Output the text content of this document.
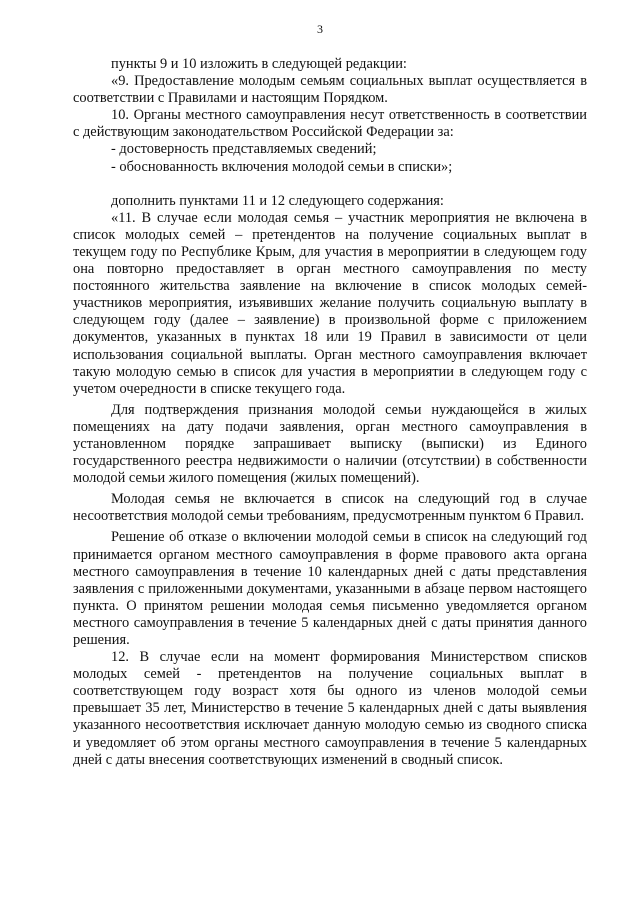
3

пункты 9 и 10 изложить в следующей редакции:

«9. Предоставление молодым семьям социальных выплат осуществляется в соответствии с Правилами и настоящим Порядком.

10. Органы местного самоуправления несут ответственность в соответствии с действующим законодательством Российской Федерации за:

- достоверность представляемых сведений;

- обоснованность включения молодой семьи в списки»;

дополнить пунктами 11 и 12 следующего содержания:

«11. В случае если молодая семья – участник мероприятия не включена в список молодых семей – претендентов на получение социальных выплат в текущем году по Республике Крым, для участия в мероприятии в следующем году она повторно предоставляет в орган местного самоуправления по месту постоянного жительства заявление на включение в список молодых семей-участников мероприятия, изъявивших желание получить социальную выплату в следующем году (далее – заявление) в произвольной форме с приложением документов, указанных в пунктах 18 или 19 Правил в зависимости от цели использования социальной выплаты. Орган местного самоуправления включает такую молодую семью в список для участия в мероприятии в следующем году с учетом очередности в списке текущего года.

Для подтверждения признания молодой семьи нуждающейся в жилых помещениях на дату подачи заявления, орган местного самоуправления в установленном порядке запрашивает выписку (выписки) из Единого государственного реестра недвижимости о наличии (отсутствии) в собственности молодой семьи жилого помещения (жилых помещений).

Молодая семья не включается в список на следующий год в случае несоответствия молодой семьи требованиям, предусмотренным пунктом 6 Правил.

Решение об отказе о включении молодой семьи в список на следующий год принимается органом местного самоуправления в форме правового акта органа местного самоуправления в течение 10 календарных дней с даты представления заявления с приложенными документами, указанными в абзаце первом настоящего пункта. О принятом решении молодая семья письменно уведомляется органом местного самоуправления в течение 5 календарных дней с даты принятия данного решения.

12. В случае если на момент формирования Министерством списков молодых семей - претендентов на получение социальных выплат в соответствующем году возраст хотя бы одного из членов молодой семьи превышает 35 лет, Министерство в течение 5 календарных дней с даты выявления указанного несоответствия исключает данную молодую семью из сводного списка и уведомляет об этом органы местного самоуправления в течение 5 календарных дней с даты внесения соответствующих изменений в сводный список.
